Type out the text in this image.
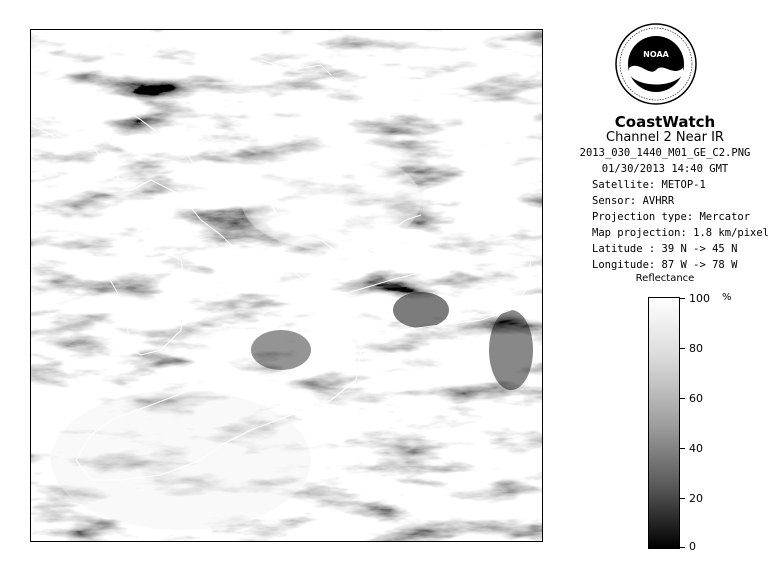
NOAA
CoastWatch
Channel 2 Near IR
2013_030_1440_M01_GE_C2.PNG
01/30/2013 14:40 GMT
Satellite: METOP-1
Sensor: AVHRR
Projection type: Mercator
Map projection: 1.8 km/pixel
Latitude : 39 N -> 45 N
Longitude: 87 W -> 78 W
Reflectance
%
100
80
60
40
20
0
